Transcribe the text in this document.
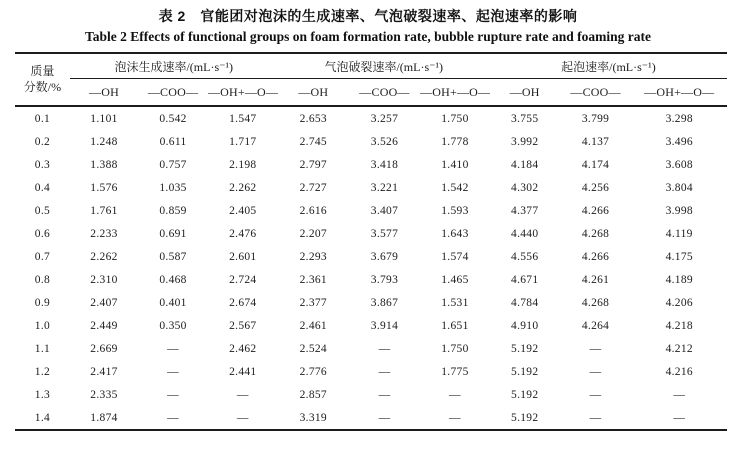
表 2　官能团对泡沫的生成速率、气泡破裂速率、起泡速率的影响
Table 2 Effects of functional groups on foam formation rate, bubble rupture rate and foaming rate
质量
分数/%	泡沫生成速率/(mL·s⁻¹)			气泡破裂速率/(mL·s⁻¹)			起泡速率/(mL·s⁻¹)		
	—OH	—COO—	—OH+—O—	—OH	—COO—	—OH+—O—	—OH	—COO—	—OH+—O—
0.1	1.101	0.542	1.547	2.653	3.257	1.750	3.755	3.799	3.298
0.2	1.248	0.611	1.717	2.745	3.526	1.778	3.992	4.137	3.496
0.3	1.388	0.757	2.198	2.797	3.418	1.410	4.184	4.174	3.608
0.4	1.576	1.035	2.262	2.727	3.221	1.542	4.302	4.256	3.804
0.5	1.761	0.859	2.405	2.616	3.407	1.593	4.377	4.266	3.998
0.6	2.233	0.691	2.476	2.207	3.577	1.643	4.440	4.268	4.119
0.7	2.262	0.587	2.601	2.293	3.679	1.574	4.556	4.266	4.175
0.8	2.310	0.468	2.724	2.361	3.793	1.465	4.671	4.261	4.189
0.9	2.407	0.401	2.674	2.377	3.867	1.531	4.784	4.268	4.206
1.0	2.449	0.350	2.567	2.461	3.914	1.651	4.910	4.264	4.218
1.1	2.669	—	2.462	2.524	—	1.750	5.192	—	4.212
1.2	2.417	—	2.441	2.776	—	1.775	5.192	—	4.216
1.3	2.335	—	—	2.857	—	—	5.192	—	—
1.4	1.874	—	—	3.319	—	—	5.192	—	—
